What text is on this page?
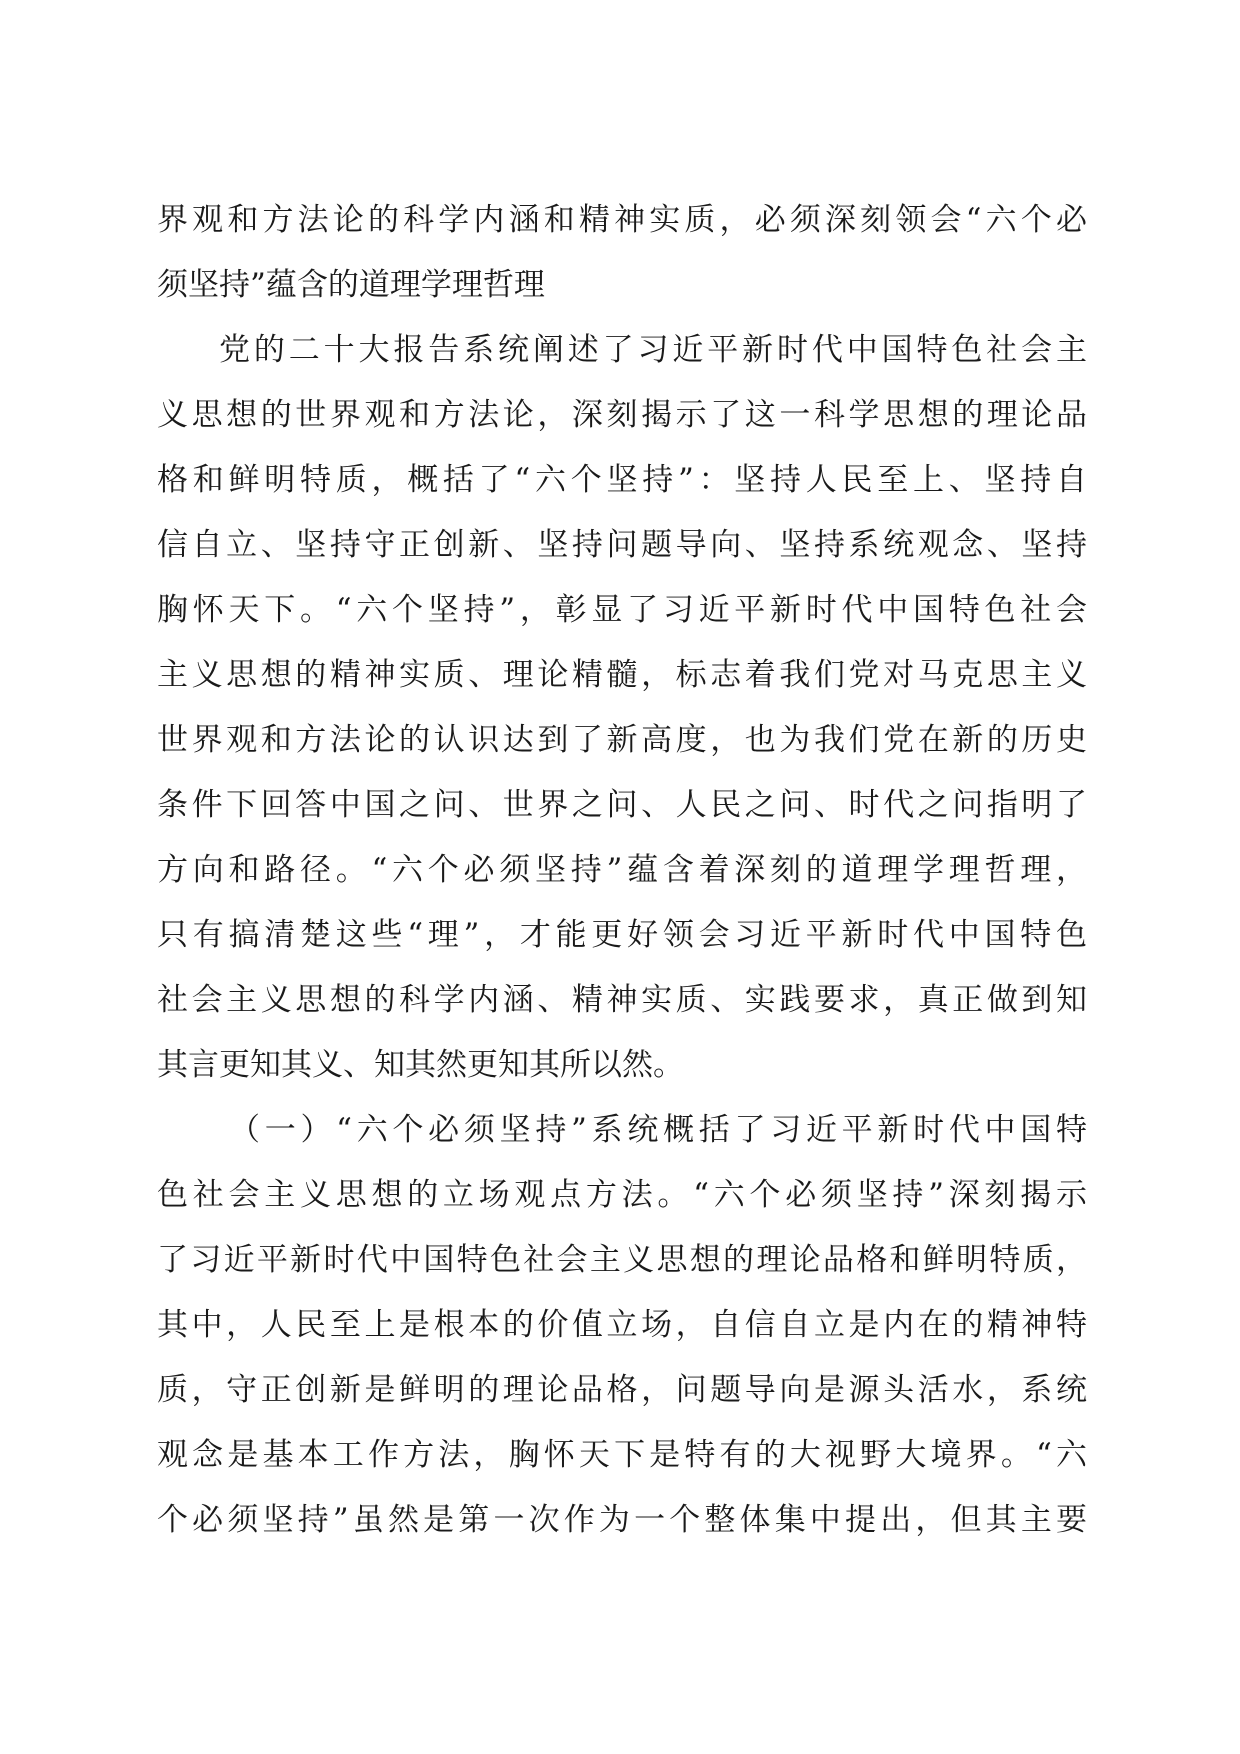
界观和方法论的科学内涵和精神实质，必须深刻领会“六个必
须坚持”蕴含的道理学理哲理
党的二十大报告系统阐述了习近平新时代中国特色社会主
义思想的世界观和方法论，深刻揭示了这一科学思想的理论品
格和鲜明特质，概括了“六个坚持”：坚持人民至上、坚持自
信自立、坚持守正创新、坚持问题导向、坚持系统观念、坚持
胸怀天下。“六个坚持”，彰显了习近平新时代中国特色社会
主义思想的精神实质、理论精髓，标志着我们党对马克思主义
世界观和方法论的认识达到了新高度，也为我们党在新的历史
条件下回答中国之问、世界之问、人民之问、时代之问指明了
方向和路径。“六个必须坚持”蕴含着深刻的道理学理哲理，
只有搞清楚这些“理”，才能更好领会习近平新时代中国特色
社会主义思想的科学内涵、精神实质、实践要求，真正做到知
其言更知其义、知其然更知其所以然。
（一）“六个必须坚持”系统概括了习近平新时代中国特
色社会主义思想的立场观点方法。“六个必须坚持”深刻揭示
了习近平新时代中国特色社会主义思想的理论品格和鲜明特质，
其中，人民至上是根本的价值立场，自信自立是内在的精神特
质，守正创新是鲜明的理论品格，问题导向是源头活水，系统
观念是基本工作方法，胸怀天下是特有的大视野大境界。“六
个必须坚持”虽然是第一次作为一个整体集中提出，但其主要
